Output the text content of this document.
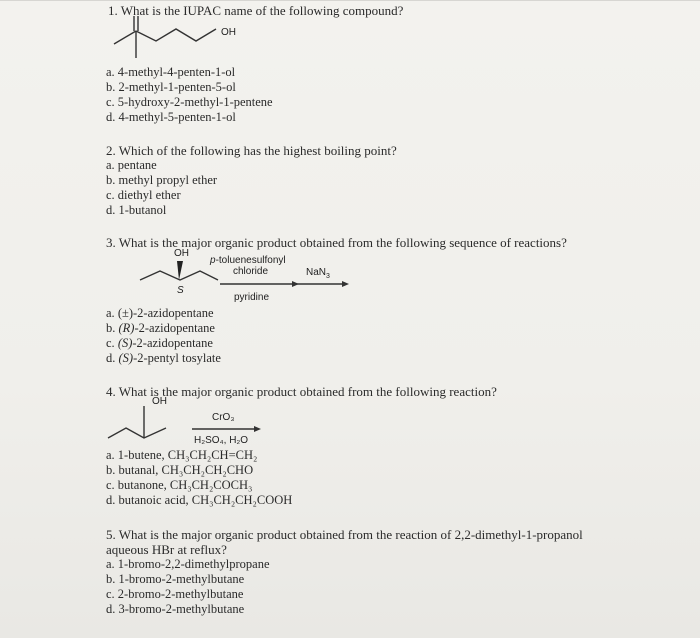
1. What is the IUPAC name of the following compound?
OH
a. 4-methyl-4-penten-1-ol
b. 2-methyl-1-penten-5-ol
c. 5-hydroxy-2-methyl-1-pentene
d. 4-methyl-5-penten-1-ol
2. Which of the following has the highest boiling point?
a. pentane
b. methyl propyl ether
c. diethyl ether
d. 1-butanol
3. What is the major organic product obtained from the following sequence of reactions?
OH
S
p-toluenesulfonyl
chloride
pyridine
NaN$_3$
a. (±)-2-azidopentane
b. (R)-2-azidopentane
c. (S)-2-azidopentane
d. (S)-2-pentyl tosylate
4. What is the major organic product obtained from the following reaction?
OH
CrO₃
H₂SO₄, H₂O
a. 1-butene, CH₃CH₂CH=CH₂
b. butanal, CH₃CH₂CH₂CHO
c. butanone, CH₃CH₂COCH₃
d. butanoic acid, CH₃CH₂CH₂COOH
5. What is the major organic product obtained from the reaction of 2,2-dimethyl-1-propanol
aqueous HBr at reflux?
a. 1-bromo-2,2-dimethylpropane
b. 1-bromo-2-methylbutane
c. 2-bromo-2-methylbutane
d. 3-bromo-2-methylbutane
